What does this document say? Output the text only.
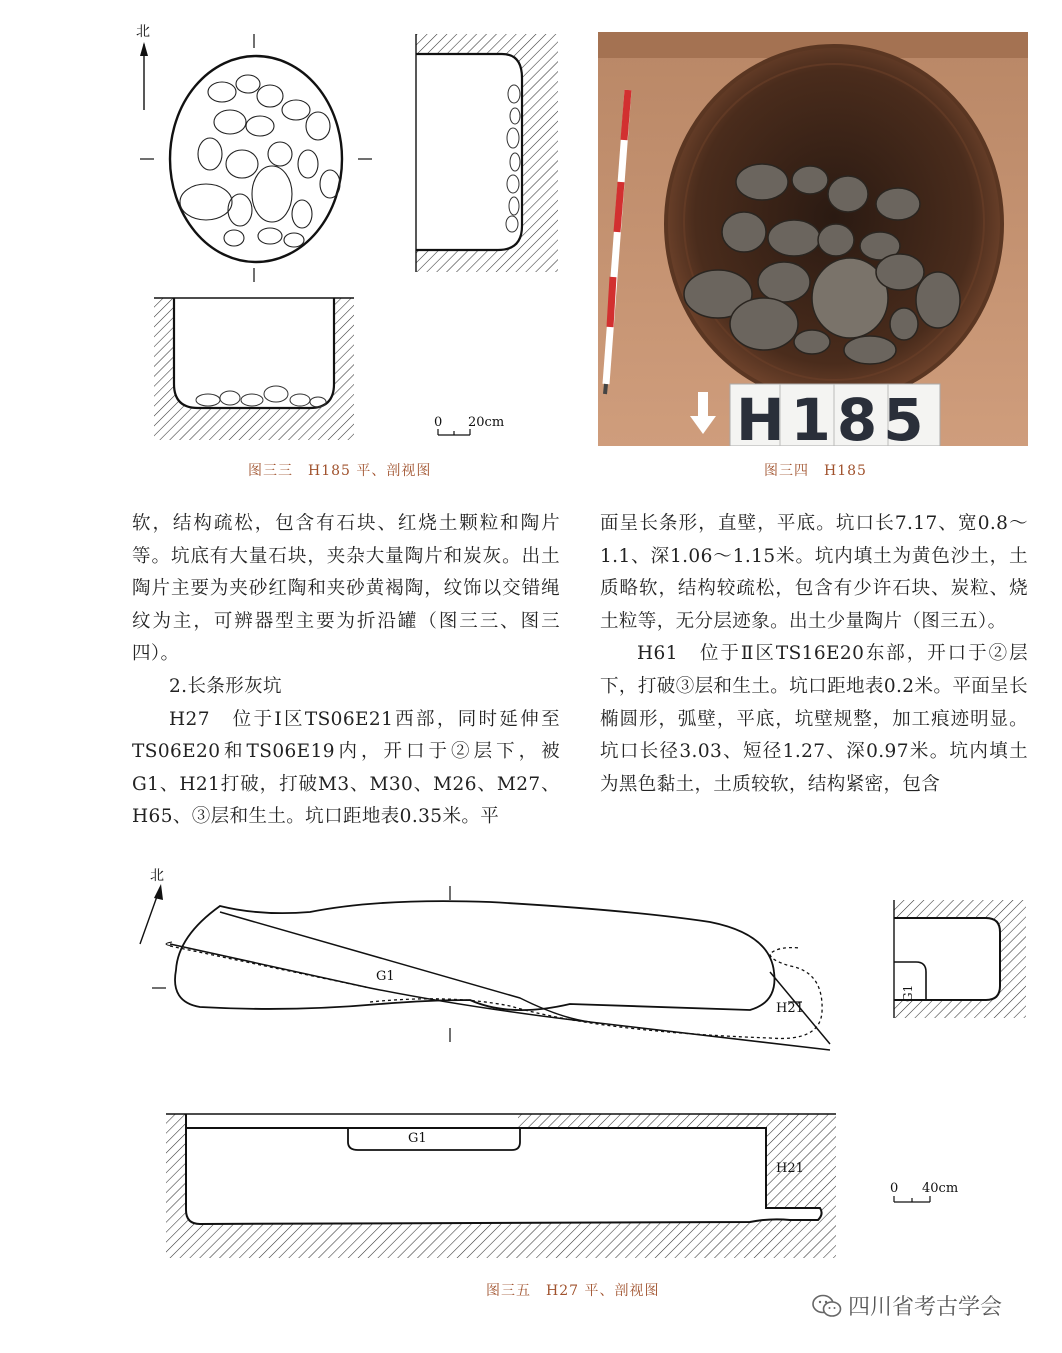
北
0 20cm
图三三　H185 平、剖视图
H185
图三四　H185

软，结构疏松，包含有石块、红烧土颗粒和陶片等。坑底有大量石块，夹杂大量陶片和炭灰。出土陶片主要为夹砂红陶和夹砂黄褐陶，纹饰以交错绳纹为主，可辨器型主要为折沿罐（图三三、图三四）。

2.长条形灰坑

H27　位于Ⅰ区TS06E21西部，同时延伸至TS06E20和TS06E19内，开口于②层下，被G1、H21打破，打破M3、M30、M26、M27、H65、③层和生土。坑口距地表0.35米。平

面呈长条形，直壁，平底。坑口长7.17、宽0.8～1.1、深1.06～1.15米。坑内填土为黄色沙土，土质略软，结构较疏松，包含有少许石块、炭粒、烧土粒等，无分层迹象。出土少量陶片（图三五）。

H61　位于Ⅱ区TS16E20东部，开口于②层下，打破③层和生土。坑口距地表0.2米。平面呈长椭圆形，弧壁，平底，坑壁规整，加工痕迹明显。坑口长径3.03、短径1.27、深0.97米。坑内填土为黑色黏土，土质较软，结构紧密，包含

北
G1
H21
G1
G1
H21
0 40cm
图三五　H27 平、剖视图
四川省考古学会
